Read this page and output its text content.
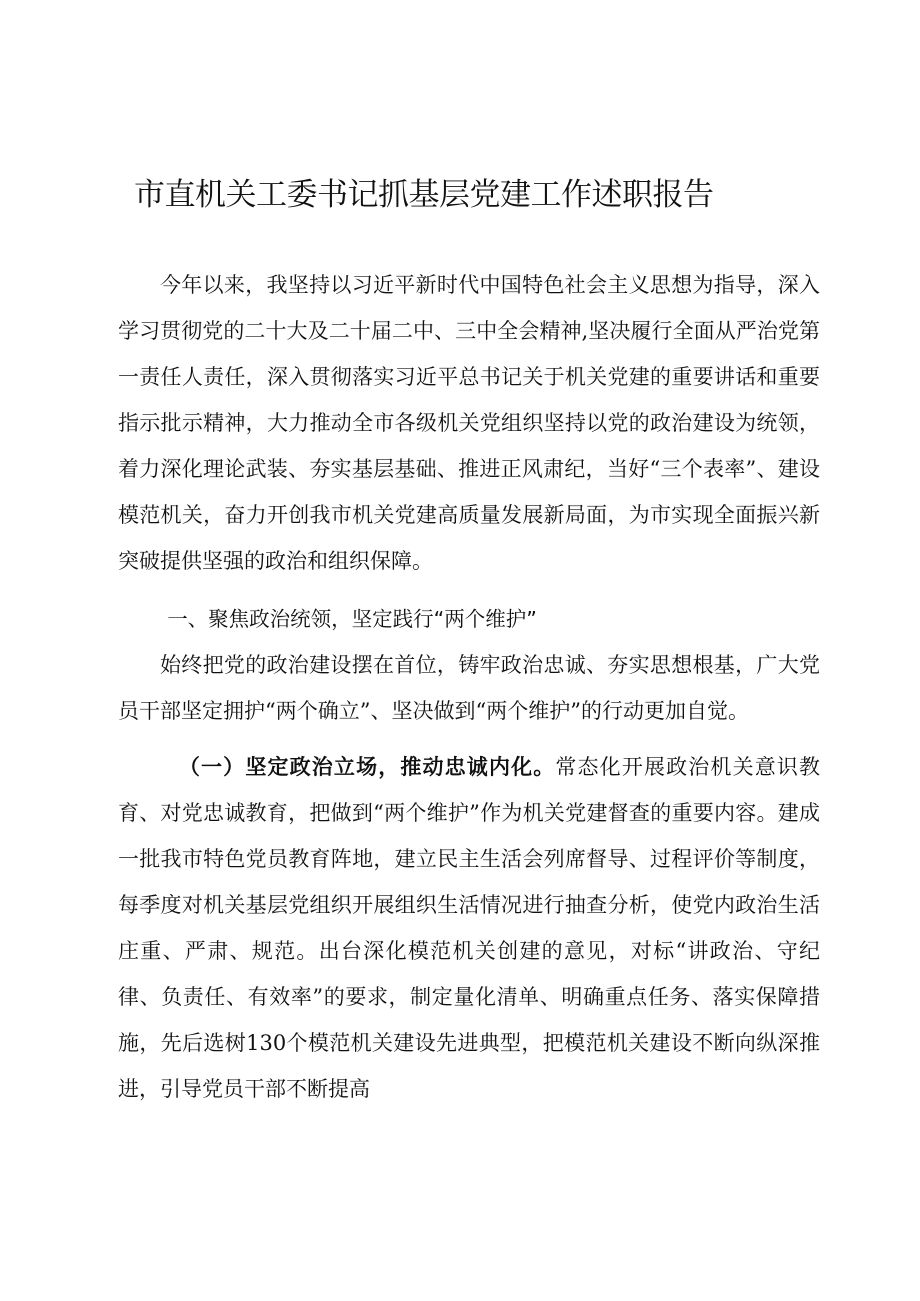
市直机关工委书记抓基层党建工作述职报告

今年以来，我坚持以习近平新时代中国特色社会主义思想为指导，深入学习贯彻党的二十大及二十届二中、三中全会精神,坚决履行全面从严治党第一责任人责任，深入贯彻落实习近平总书记关于机关党建的重要讲话和重要指示批示精神，大力推动全市各级机关党组织坚持以党的政治建设为统领，着力深化理论武装、夯实基层基础、推进正风肃纪，当好“三个表率”、建设模范机关，奋力开创我市机关党建高质量发展新局面，为市实现全面振兴新突破提供坚强的政治和组织保障。

一、聚焦政治统领，坚定践行“两个维护”

始终把党的政治建设摆在首位，铸牢政治忠诚、夯实思想根基，广大党员干部坚定拥护“两个确立”、坚决做到“两个维护”的行动更加自觉。

（一）坚定政治立场，推动忠诚内化。常态化开展政治机关意识教育、对党忠诚教育，把做到“两个维护”作为机关党建督查的重要内容。建成一批我市特色党员教育阵地，建立民主生活会列席督导、过程评价等制度，每季度对机关基层党组织开展组织生活情况进行抽查分析，使党内政治生活庄重、严肃、规范。出台深化模范机关创建的意见，对标“讲政治、守纪律、负责任、有效率”的要求，制定量化清单、明确重点任务、落实保障措施，先后选树130个模范机关建设先进典型，把模范机关建设不断向纵深推进，引导党员干部不断提高
